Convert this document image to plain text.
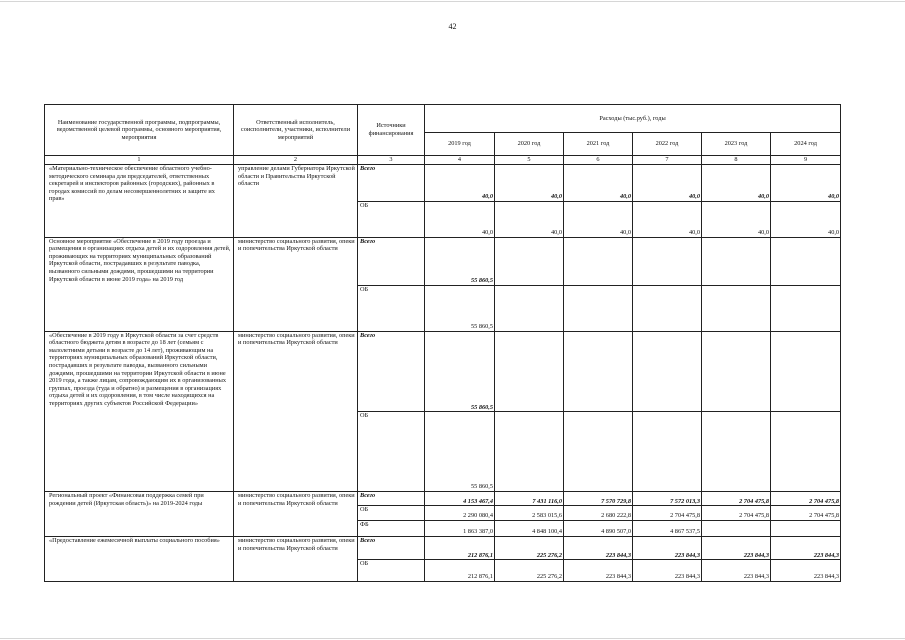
42
Наименование государственной программы, подпрограммы, ведомственной целевой программы, основного мероприятия, мероприятия	Ответственный исполнитель, соисполнители, участники, исполнители мероприятий	Источники финансирования	Расходы (тыс.руб.), годы					
			2019 год	2020 год	2021 год	2022 год	2023 год	2024 год
1	2	3	4	5	6	7	8	9
«Материально-техническое обеспечение областного учебно-методического семинара для председателей, ответственных секретарей и инспекторов районных (городских), районных в городах комиссий по делам несовершеннолетних и защите их прав»	управление делами Губернатора Иркутской области и Правительства Иркутской области	Всего	40,0	40,0	40,0	40,0	40,0	40,0
		ОБ	40,0	40,0	40,0	40,0	40,0	40,0
Основное мероприятие «Обеспечение в 2019 году проезда и размещения в организациях отдыха детей и их оздоровления детей, проживающих на территориях муниципальных образований Иркутской области, пострадавших в результате паводка, вызванного сильными дождями, прошедшими на территории Иркутской области в июне 2019 года» на 2019 год	министерство социального развития, опеки и попечительства Иркутской области	Всего	55 860,5					
		ОБ	55 860,5					
«Обеспечение в 2019 году в Иркутской области за счет средств областного бюджета детям в возрасте до 18 лет (семьям с малолетними детьми в возрасте до 14 лет), проживающим на территориях муниципальных образований Иркутской области, пострадавших в результате паводка, вызванного сильными дождями, прошедшими на территории Иркутской области в июне 2019 года, а также лицам, сопровождающим их в организованных группах, проезда (туда и обратно) и размещения в организациях отдыха детей и их оздоровления, в том числе находящихся на территориях других субъектов Российской Федерации»	министерство социального развития, опеки и попечительства Иркутской области	Всего	55 860,5					
		ОБ	55 860,5					
Региональный проект «Финансовая поддержка семей при рождении детей (Иркутская область)» на 2019-2024 годы	министерство социального развития, опеки и попечительства Иркутской области	Всего	4 153 467,4	7 431 116,0	7 570 729,8	7 572 013,3	2 704 475,8	2 704 475,8
		ОБ	2 290 080,4	2 583 015,6	2 680 222,8	2 704 475,8	2 704 475,8	2 704 475,8
		ФБ	1 863 387,0	4 848 100,4	4 890 507,0	4 867 537,5		
«Предоставление ежемесячной выплаты социального пособия»	министерство социального развития, опеки и попечительства Иркутской области	Всего	212 876,1	225 276,2	223 844,3	223 844,3	223 844,3	223 844,3
		ОБ	212 876,1	225 276,2	223 844,3	223 844,3	223 844,3	223 844,3
